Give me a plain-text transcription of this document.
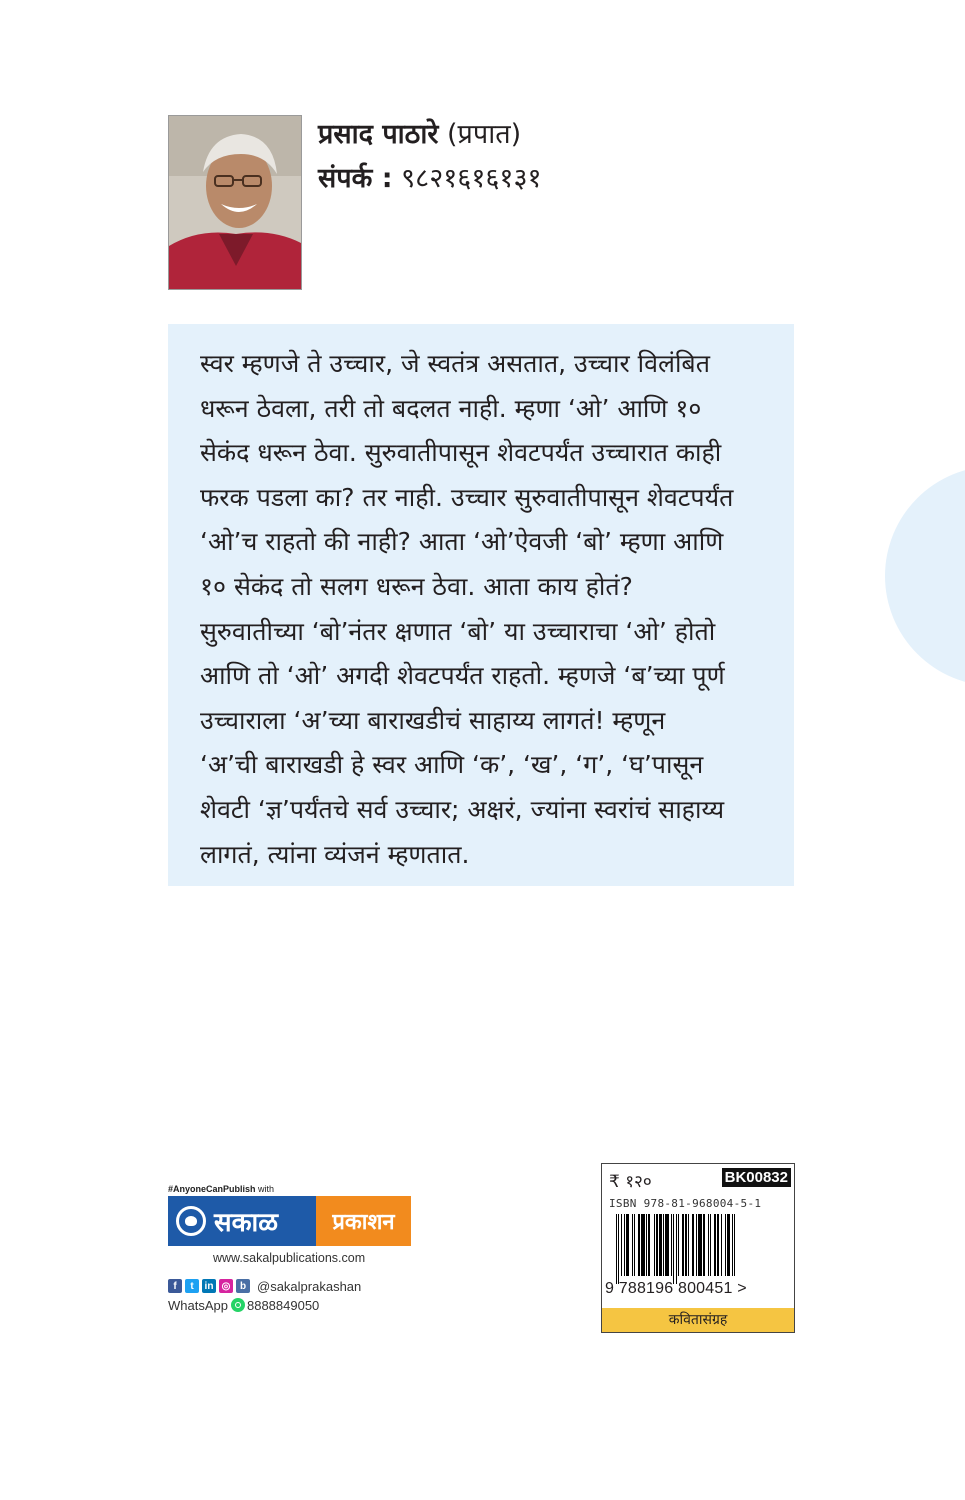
प्रसाद पाठारे (प्रपात)
संपर्क : ९८२१६१६१३१
स्वर म्हणजे ते उच्चार, जे स्वतंत्र असतात, उच्चार विलंबित
धरून ठेवला, तरी तो बदलत नाही. म्हणा ‘ओ’ आणि १०
सेकंद धरून ठेवा. सुरुवातीपासून शेवटपर्यंत उच्चारात काही
फरक पडला का? तर नाही. उच्चार सुरुवातीपासून शेवटपर्यंत
‘ओ’च राहतो की नाही? आता ‘ओ’ऐवजी ‘बो’ म्हणा आणि
१० सेकंद तो सलग धरून ठेवा. आता काय होतं?
सुरुवातीच्या ‘बो’नंतर क्षणात ‘बो’ या उच्चाराचा ‘ओ’ होतो
आणि तो ‘ओ’ अगदी शेवटपर्यंत राहतो. म्हणजे ‘ब’च्या पूर्ण
उच्चाराला ‘अ’च्या बाराखडीचं साहाय्य लागतं! म्हणून
‘अ’ची बाराखडी हे स्वर आणि ‘क’, ‘ख’, ‘ग’, ‘घ’पासून
शेवटी ‘ज्ञ’पर्यंतचे सर्व उच्चार; अक्षरं, ज्यांना स्वरांचं साहाय्य
लागतं, त्यांना व्यंजनं म्हणतात.
#AnyoneCanPublish with
सकाळ प्रकाशन
www.sakalpublications.com
f	t	in ◎ b @sakalprakashan
WhatsApp 8888849050
₹ १२०	BK00832
ISBN 978-81-968004-5-1
9 788196 800451 >
कवितासंग्रह
